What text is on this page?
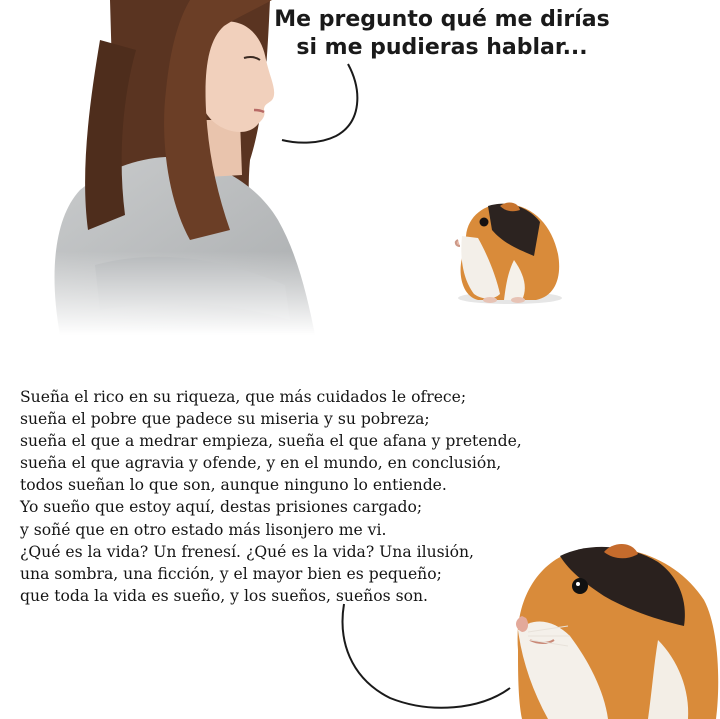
Me pregunto qué me dirías
si me pudieras hablar...
Sueña el rico en su riqueza, que más cuidados le ofrece;
sueña el pobre que padece su miseria y su pobreza;
sueña el que a medrar empieza, sueña el que afana y pretende,
sueña el que agravia y ofende, y en el mundo, en conclusión,
todos sueñan lo que son, aunque ninguno lo entiende.
Yo sueño que estoy aquí, destas prisiones cargado;
y soñé que en otro estado más lisonjero me vi.
¿Qué es la vida? Un frenesí. ¿Qué es la vida? Una ilusión,
una sombra, una ficción, y el mayor bien es pequeño;
que toda la vida es sueño, y los sueños, sueños son.
